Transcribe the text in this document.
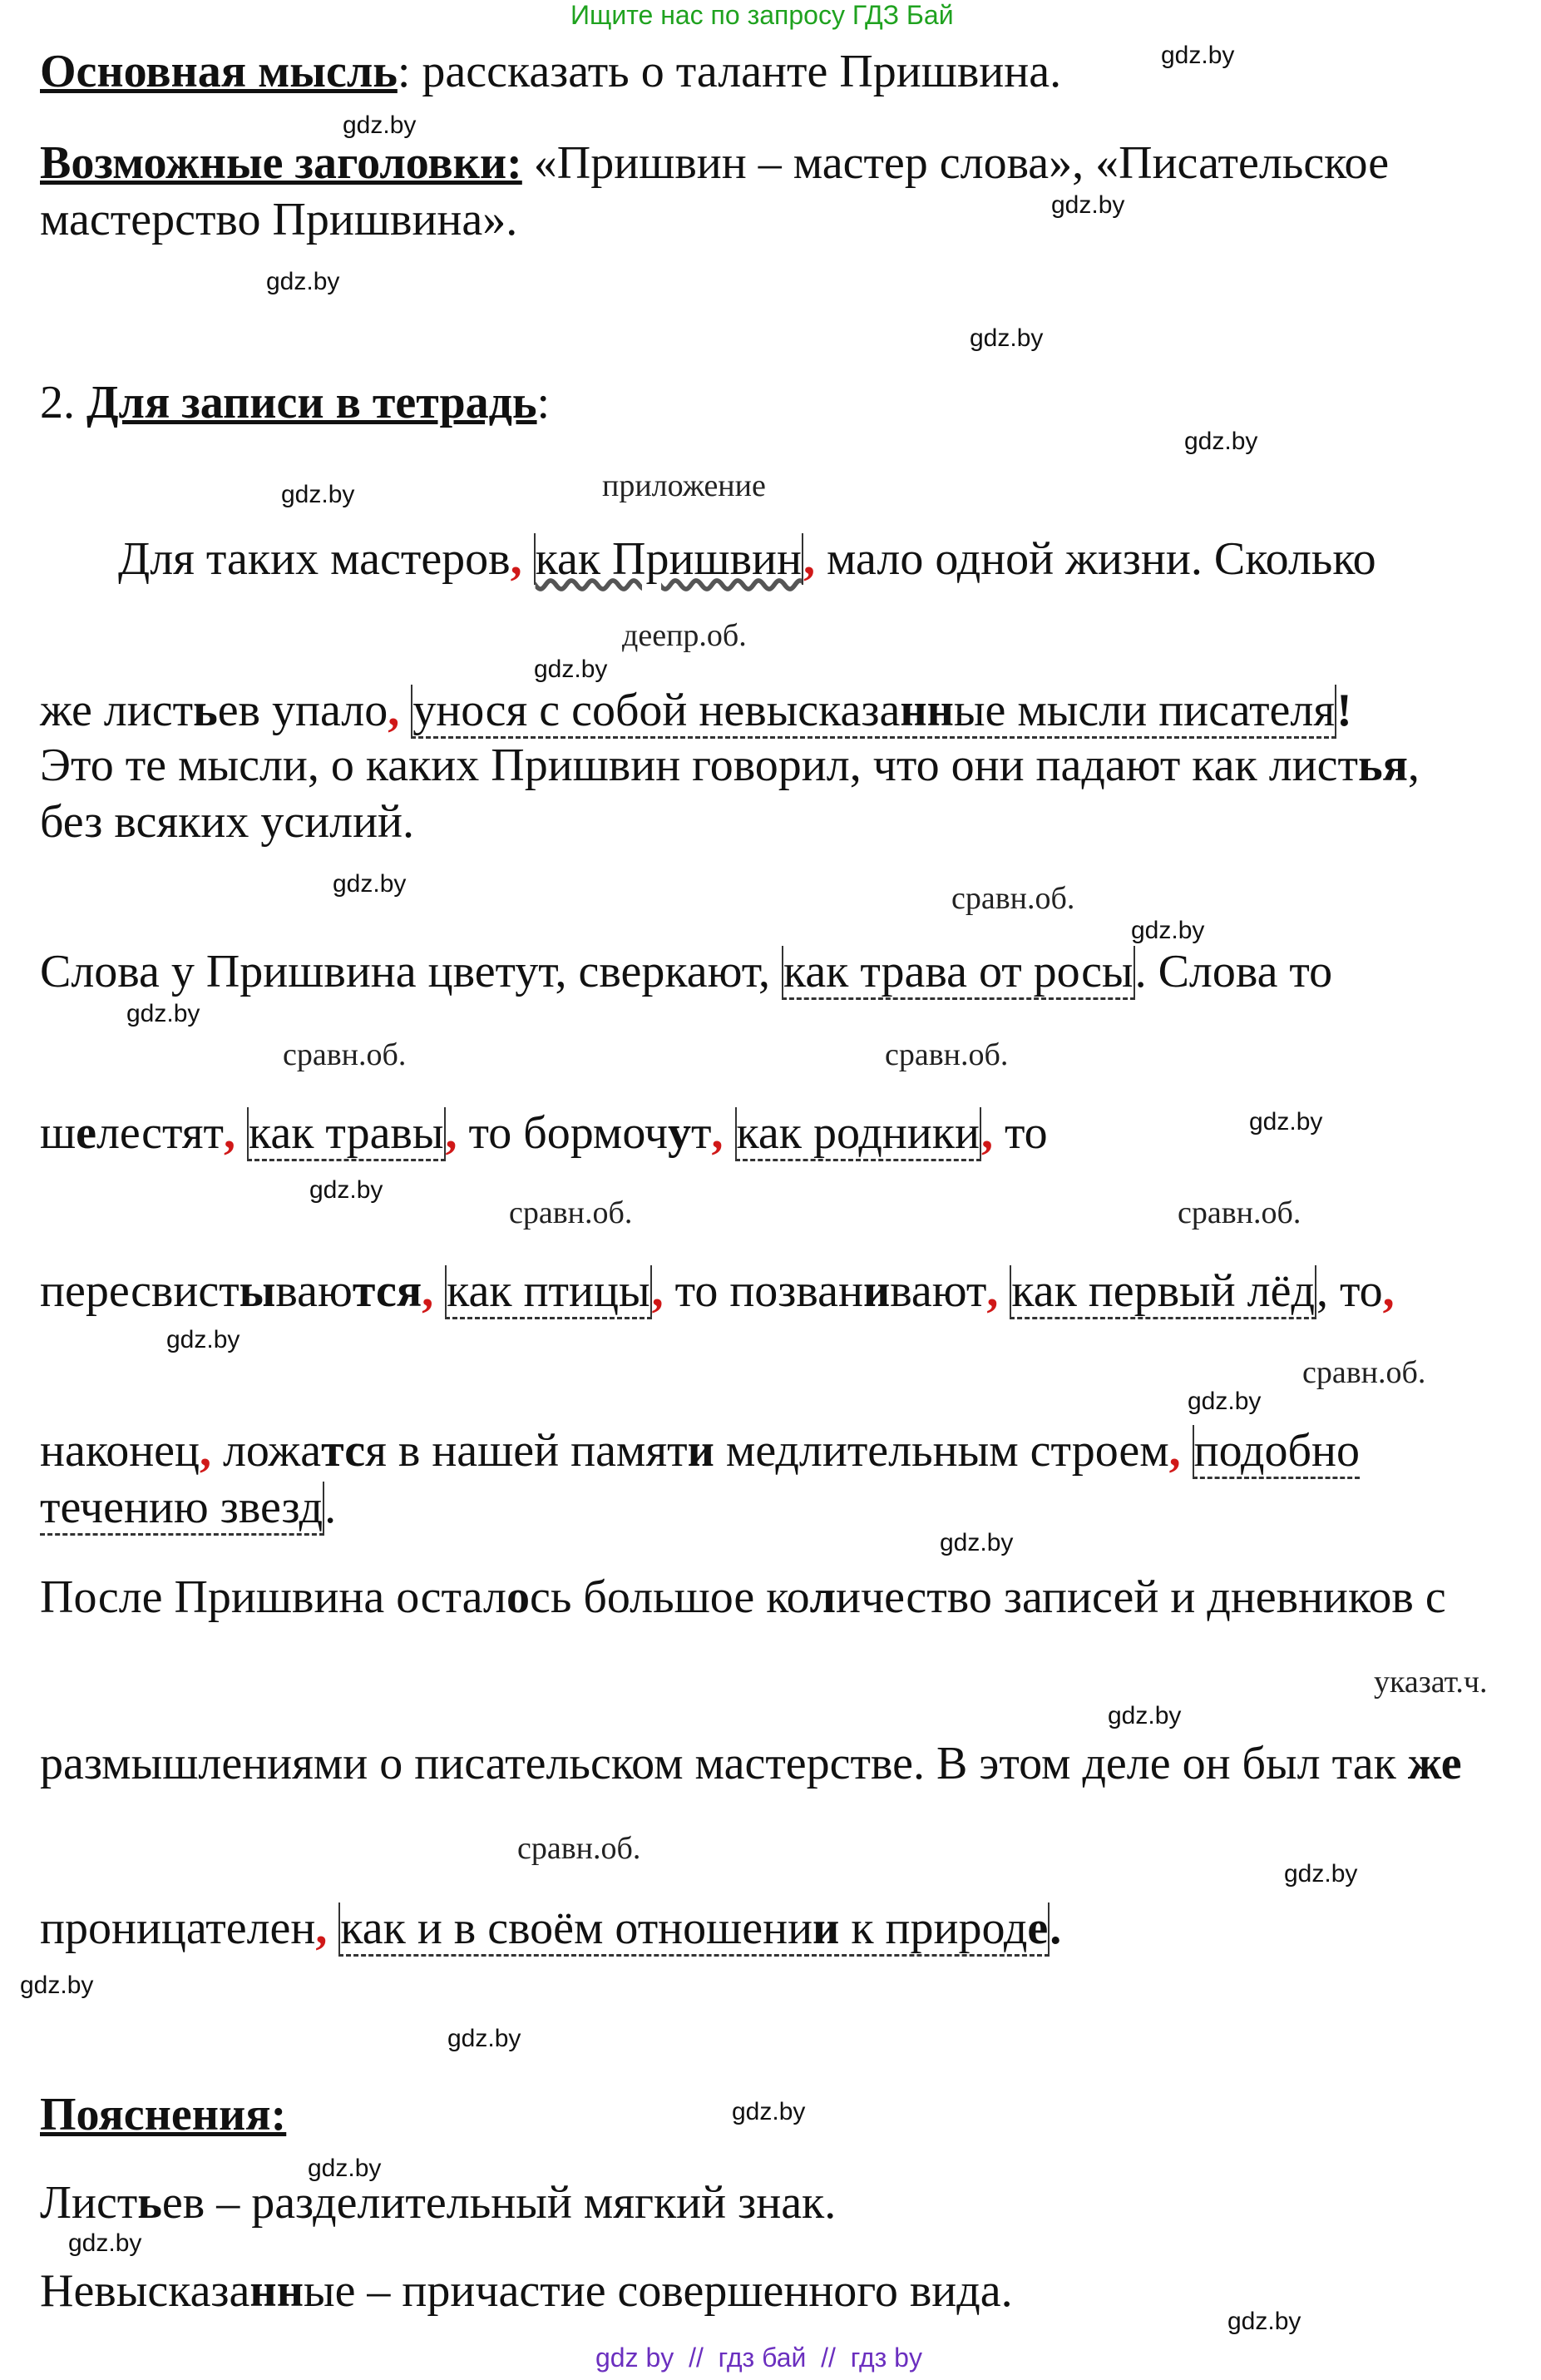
Ищите нас по запросу ГДЗ Бай
gdz.by
gdz.by
gdz.by
gdz.by
gdz.by
gdz.by
gdz.by
gdz.by
gdz.by
gdz.by
gdz.by
gdz.by
gdz.by
gdz.by
gdz.by
gdz.by
gdz.by
gdz.by
gdz.by
gdz.by
gdz.by
gdz.by
gdz.by
gdz.by
Основная мысль: рассказать о таланте Пришвина.
Возможные заголовки: «Пришвин – мастер слова», «Писательское
мастерство Пришвина».
2. Для записи в тетрадь:
приложение
деепр.об.
сравн.об.
сравн.об.	сравн.об.
сравн.об.	сравн.об.
сравн.об.
указат.ч.
сравн.об.
Для таких мастеров, как Пришвин, мало одной жизни. Сколько
же листьев упало, унося с собой невысказанные мысли писателя!
Это те мысли, о каких Пришвин говорил, что они падают как листья,
без всяких усилий.
Слова у Пришвина цветут, сверкают, как трава от росы. Слова то
шелестят, как травы, то бормочут, как родники, то
пересвистываются, как птицы, то позванивают, как первый лёд, то,
наконец, ложатся в нашей памяти медлительным строем, подобно
течению звезд.
После Пришвина осталось большое количество записей и дневников с
размышлениями о писательском мастерстве. В этом деле он был так же
проницателен, как и в своём отношении к природе.
Пояснения:
Листьев – разделительный мягкий знак.
Невысказанные – причастие совершенного вида.
gdz by  //  гдз бай  //  гдз by
